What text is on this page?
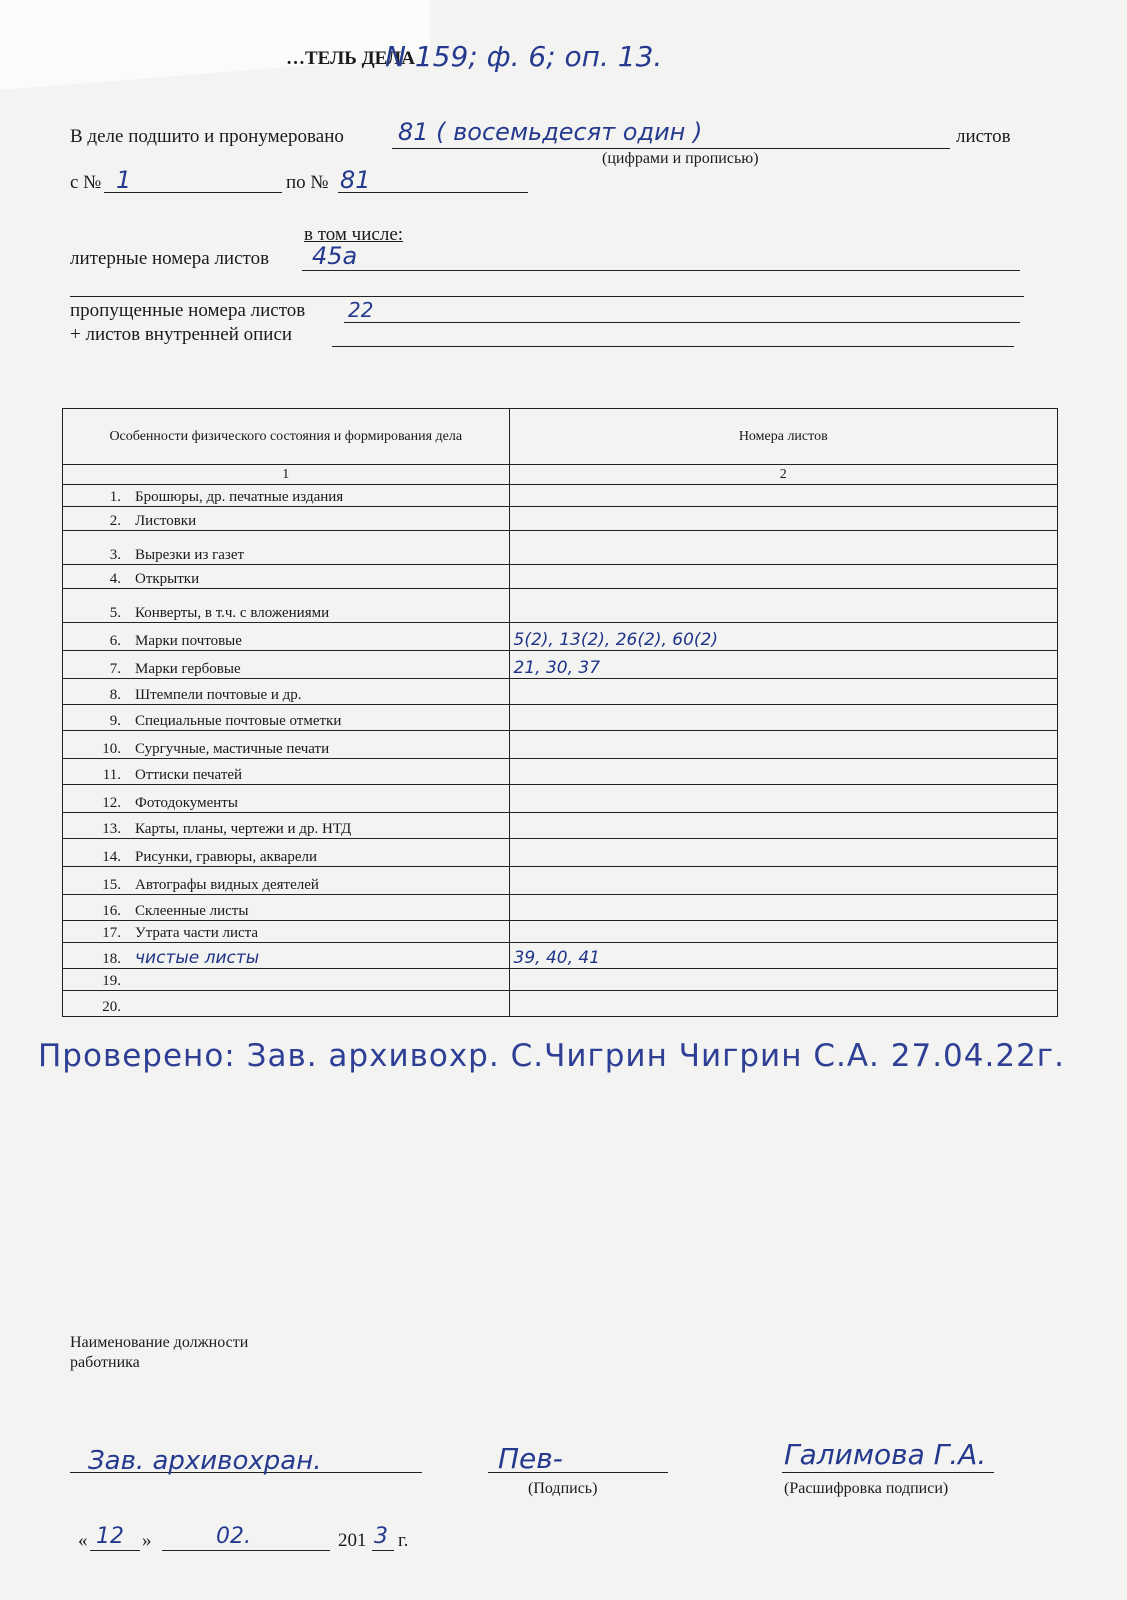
…ТЕЛЬ ДЕЛА
N 159; ф. 6; оп. 13.
В деле подшито и пронумеровано 81 ( восемьдесят один )	листов
(цифрами и прописью)
с № 1	по № 81
в том числе:
литерные номера листов 45а
пропущенные номера листов 22
+ листов внутренней описи
Особенности физического состояния и формирования дела	Номера листов
1	2
1. Брошюры, др. печатные издания	
2. Листовки	
3. Вырезки из газет	
4. Открытки	
5. Конверты, в т.ч. с вложениями	
6. Марки почтовые	5(2), 13(2), 26(2), 60(2)
7. Марки гербовые	21, 30, 37
8. Штемпели почтовые и др.	
9. Специальные почтовые отметки	
10. Сургучные, мастичные печати	
11. Оттиски печатей	
12. Фотодокументы	
13. Карты, планы, чертежи и др. НТД	
14. Рисунки, гравюры, акварели	
15. Автографы видных деятелей	
16. Склеенные листы	
17. Утрата части листа	
18. чистые листы	39, 40, 41
19.	
20.	
Проверено: Зав. архивохр. С.Чигрин Чигрин С.А. 27.04.22г.
Наименование должности
работника
Зав. архивохран.	Пев-
(Подпись)
Галимова Г.А.
(Расшифровка подписи)
« 12 »	02.	201 3 г.
